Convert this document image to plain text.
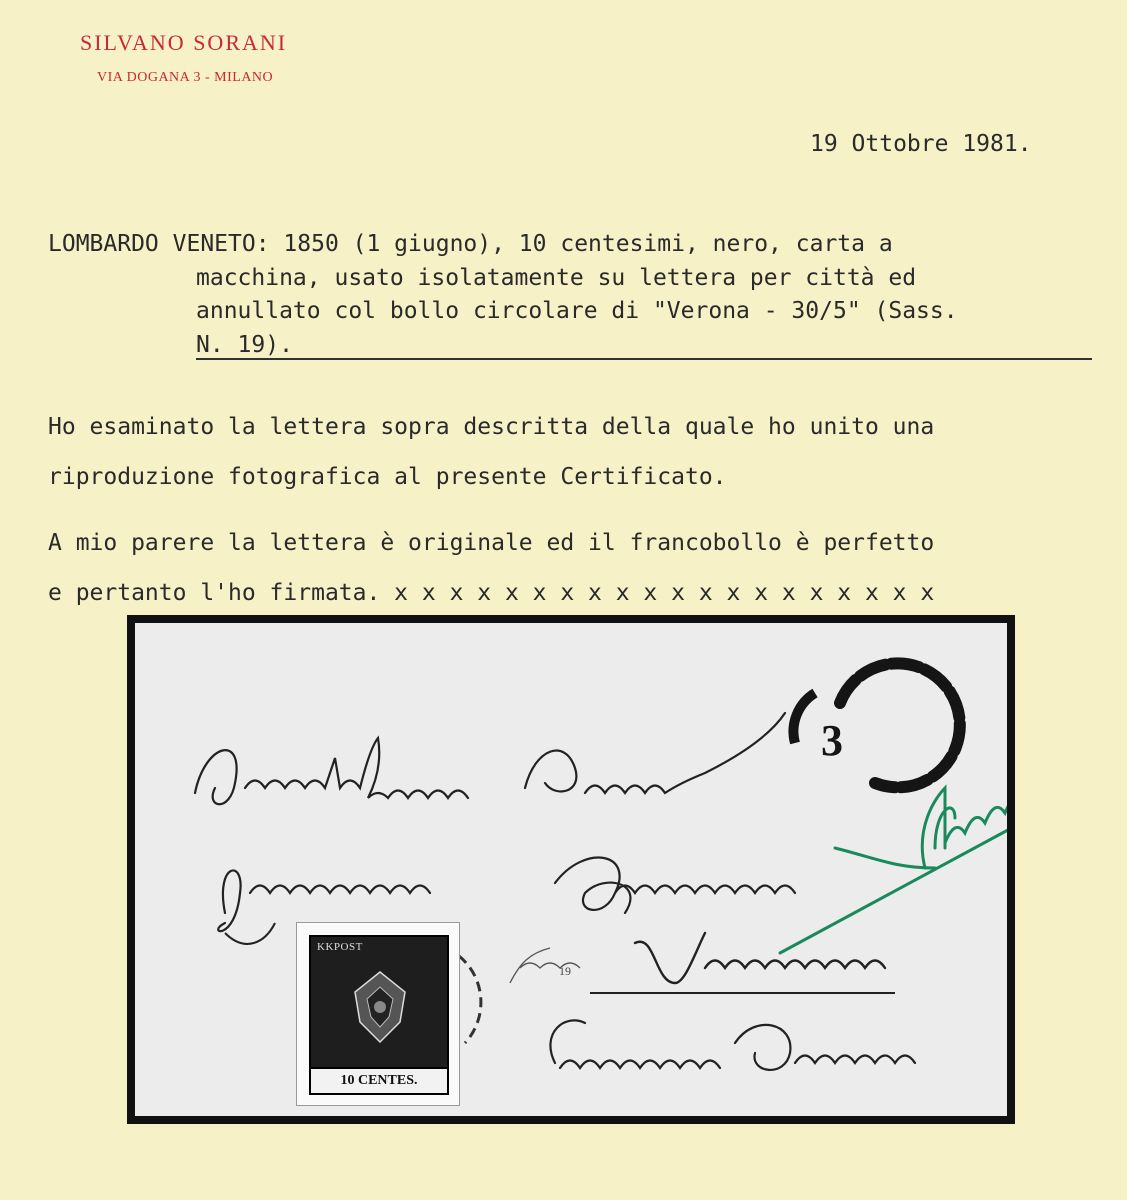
SILVANO SORANI
VIA DOGANA 3 - MILANO
19 Ottobre 1981.
LOMBARDO VENETO: 1850 (1 giugno), 10 centesimi, nero, carta a
macchina, usato isolatamente su lettera per città ed
annullato col bollo circolare di "Verona - 30/5" (Sass.
N. 19).
Ho esaminato la lettera sopra descritta della quale ho unito una
riproduzione fotografica al presente Certificato.
A mio parere la lettera è originale ed il francobollo è perfetto
e pertanto l'ho firmata. x x x x x x x x x x x x x x x x x x x x
3
19
KKPOST
10 CENTES.
